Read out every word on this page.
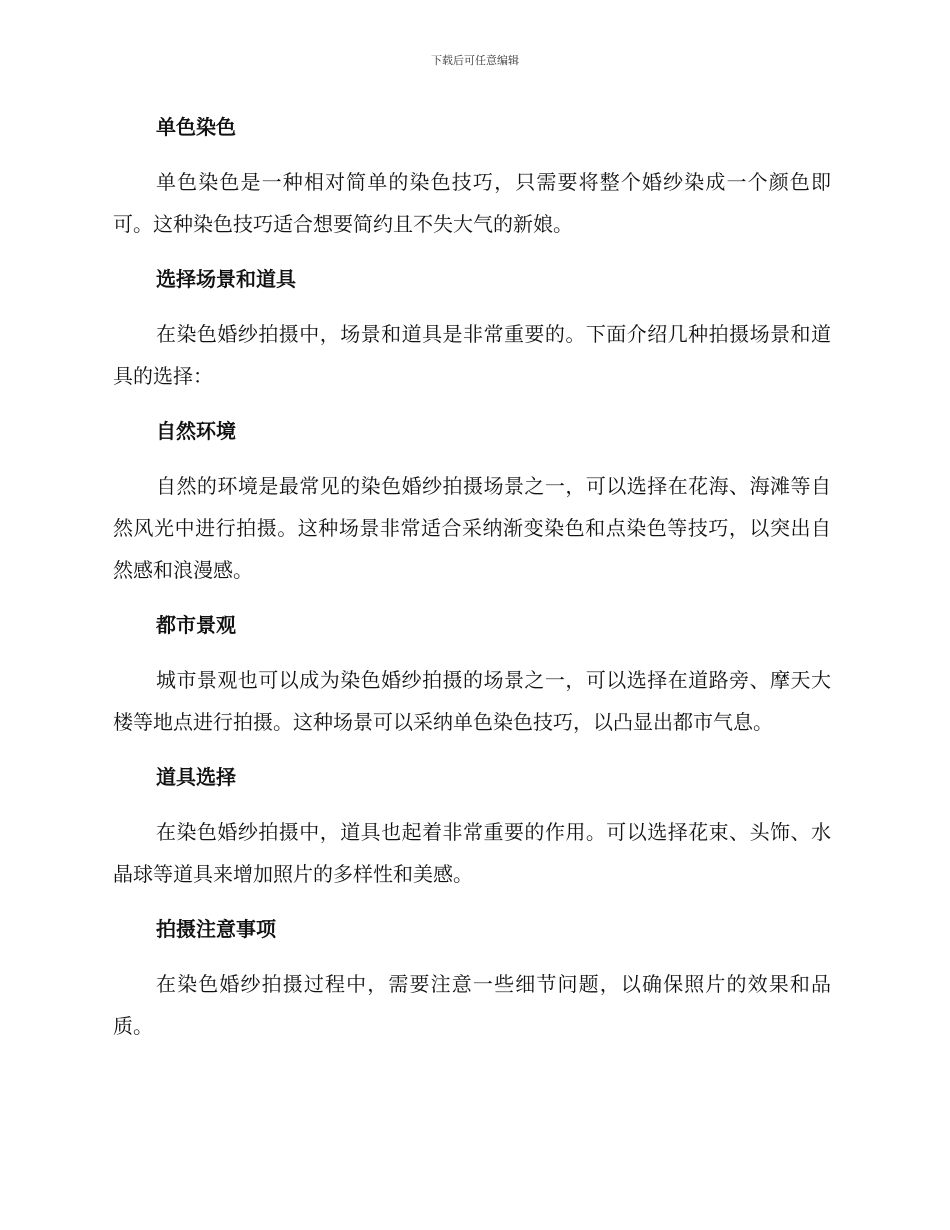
下载后可任意编辑
单色染色

单色染色是一种相对简单的染色技巧，只需要将整个婚纱染成一个颜色即可。这种染色技巧适合想要简约且不失大气的新娘。

选择场景和道具

在染色婚纱拍摄中，场景和道具是非常重要的。下面介绍几种拍摄场景和道具的选择：

自然环境

自然的环境是最常见的染色婚纱拍摄场景之一，可以选择在花海、海滩等自然风光中进行拍摄。这种场景非常适合采纳渐变染色和点染色等技巧，以突出自然感和浪漫感。

都市景观

城市景观也可以成为染色婚纱拍摄的场景之一，可以选择在道路旁、摩天大楼等地点进行拍摄。这种场景可以采纳单色染色技巧，以凸显出都市气息。

道具选择

在染色婚纱拍摄中，道具也起着非常重要的作用。可以选择花束、头饰、水晶球等道具来增加照片的多样性和美感。

拍摄注意事项

在染色婚纱拍摄过程中，需要注意一些细节问题，以确保照片的效果和品质。
